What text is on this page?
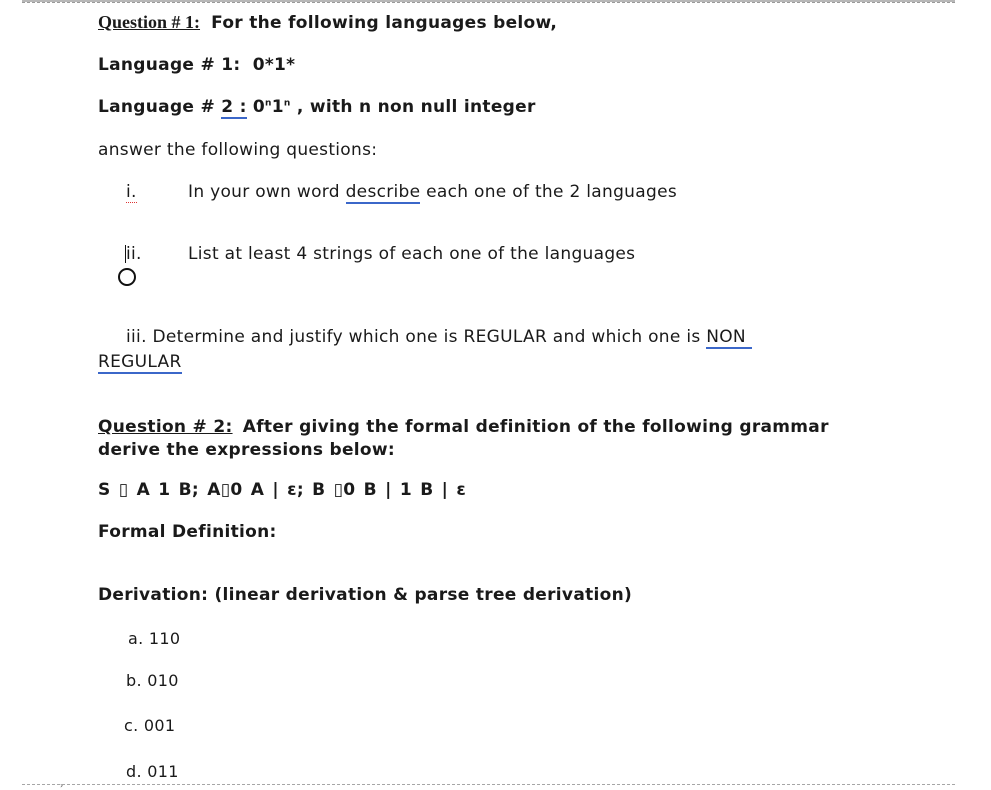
Question # 1: For the following languages below,
Language # 1: 0*1*
Language # 2 : 0$^n$1$^n$ , with n non null integer
answer the following questions:
i.	In your own word describe each one of the 2 languages
ii.	List at least 4 strings of each one of the languages
iii. Determine and justify which one is REGULAR and which one is NON
REGULAR
Question # 2: After giving the formal definition of the following grammar
derive the expressions below:
S ▯ A 1 B; A▯0 A | ε; B ▯0 B | 1 B | ε
Formal Definition:
Derivation: (linear derivation & parse tree derivation)
a. 110
b. 010
c. 001
d. 011
›
